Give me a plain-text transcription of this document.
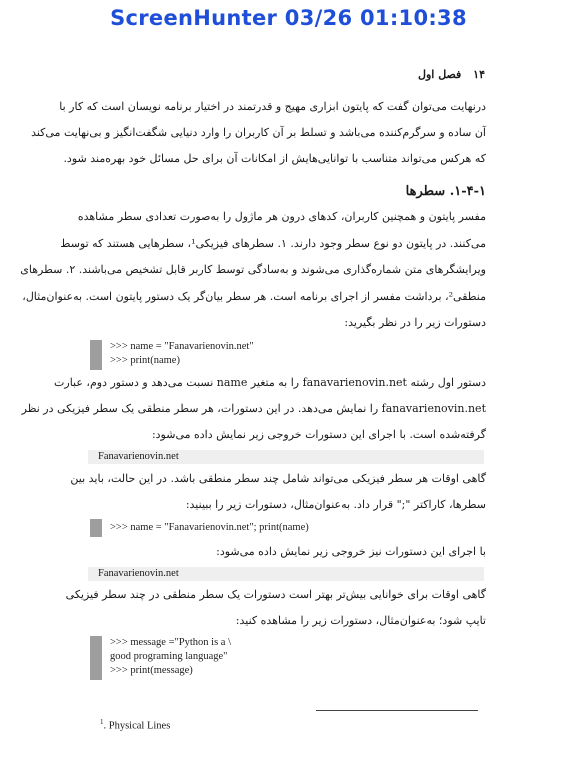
ScreenHunter 03/26 01:10:38
۱۴ فصل اول
درنهایت می‌توان گفت که پایتون ابزاری مهیج و قدرتمند در اختیار برنامه نویسان است که کار با
آن ساده و سرگرم‌کننده می‌باشد و تسلط بر آن کاربران را وارد دنیایی شگفت‌انگیز و بی‌نهایت می‌کند
که هرکس می‌تواند متناسب با توانایی‌هایش از امکانات آن برای حل مسائل خود بهره‌مند شود.
۱-۴-۱. سطرها
مفسر پایتون و همچنین کاربران، کدهای درون هر ماژول را به‌صورت تعدادی سطر مشاهده
می‌کنند. در پایتون دو نوع سطر وجود دارند. ۱. سطرهای فیزیکی¹، سطرهایی هستند که توسط
ویرایشگرهای متن شماره‌گذاری می‌شوند و به‌سادگی توسط کاربر قابل تشخیص می‌باشند. ۲. سطرهای
منطقی²، برداشت مفسر از اجرای برنامه است. هر سطر بیان‌گر یک دستور پایتون است. به‌عنوان‌مثال،
دستورات زیر را در نظر بگیرید:
>>> name = "Fanavarienovin.net"
>>> print(name)
دستور اول رشته fanavarienovin.net را به متغیر name نسبت می‌دهد و دستور دوم، عبارت
fanavarienovin.net را نمایش می‌دهد. در این دستورات، هر سطر منطقی یک سطر فیزیکی در نظر
گرفته‌شده است. با اجرای این دستورات خروجی زیر نمایش داده می‌شود:
Fanavarienovin.net
گاهی اوقات هر سطر فیزیکی می‌تواند شامل چند سطر منطقی باشد. در این حالت، باید بین
سطرها، کاراکتر ";" قرار داد. به‌عنوان‌مثال، دستورات زیر را ببینید:
>>> name = "Fanavarienovin.net"; print(name)
با اجرای این دستورات نیز خروجی زیر نمایش داده می‌شود:
Fanavarienovin.net
گاهی اوقات برای خوانایی بیش‌تر بهتر است دستورات یک سطر منطقی در چند سطر فیزیکی
تایپ شود؛ به‌عنوان‌مثال، دستورات زیر را مشاهده کنید:
>>> message ="Python is a \
good programing language"
>>> print(message)
$^1$. Physical Lines
